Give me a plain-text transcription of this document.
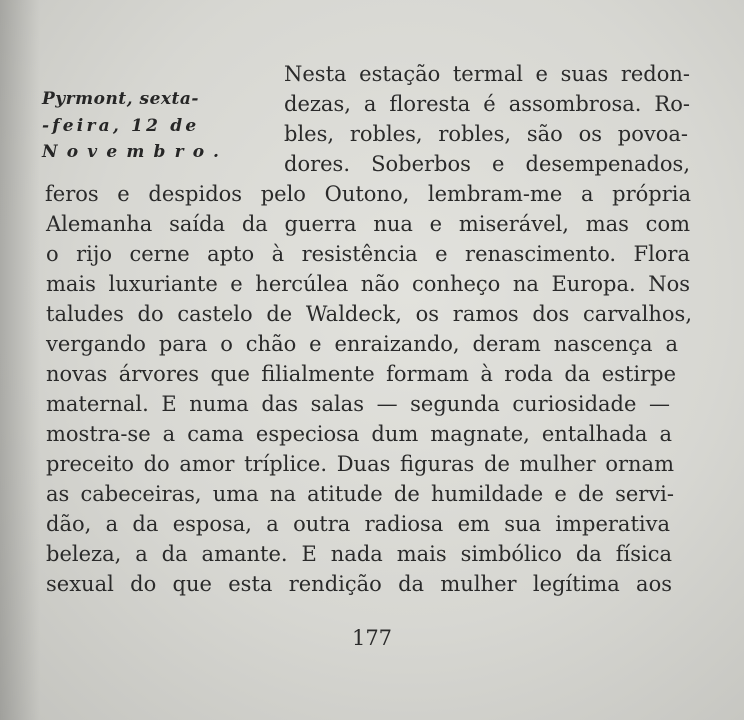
Pyrmont, sexta-
-feira, 12 de
Novembro.
Nesta estação termal e suas redon-
dezas, a floresta é assombrosa. Ro-
bles, robles, robles, são os povoa-
dores. Soberbos e desempenados,
feros e despidos pelo Outono, lembram-me a própria
Alemanha saída da guerra nua e miserável, mas com
o rijo cerne apto à resistência e renascimento. Flora
mais luxuriante e hercúlea não conheço na Europa. Nos
taludes do castelo de Waldeck, os ramos dos carvalhos,
vergando para o chão e enraizando, deram nascença a
novas árvores que filialmente formam à roda da estirpe
maternal. E numa das salas — segunda curiosidade —
mostra-se a cama especiosa dum magnate, entalhada a
preceito do amor tríplice. Duas figuras de mulher ornam
as cabeceiras, uma na atitude de humildade e de servi-
dão, a da esposa, a outra radiosa em sua imperativa
beleza, a da amante. E nada mais simbólico da física
sexual do que esta rendição da mulher legítima aos
177
